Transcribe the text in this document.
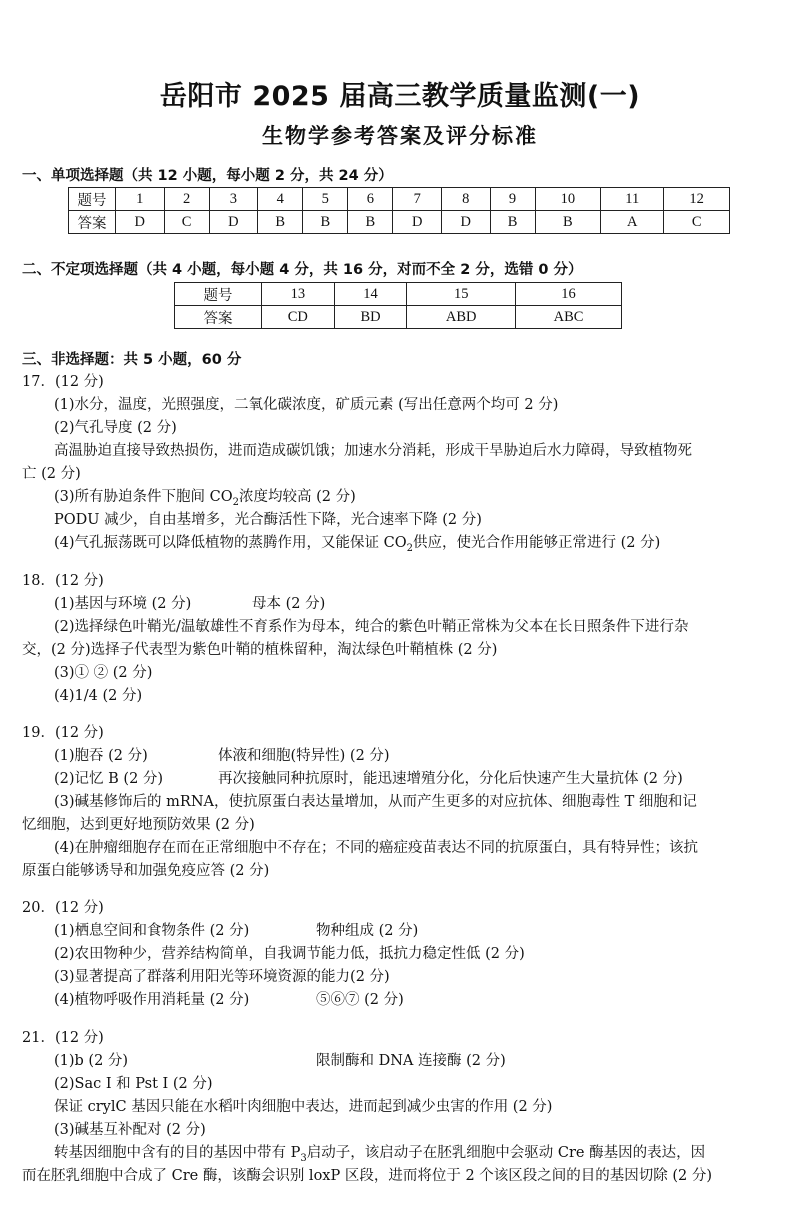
岳阳市 2025 届高三教学质量监测(一)
生物学参考答案及评分标准
一、单项选择题（共 12 小题，每小题 2 分，共 24 分）
题号	1	2	3	4	5	6	7	8	9	10	11	12
答案	D	C	D	B	B	B	D	D	B	B	A	C
二、不定项选择题（共 4 小题，每小题 4 分，共 16 分，对而不全 2 分，选错 0 分）
题号	13	14	15	16
答案	CD	BD	ABD	ABC
三、非选择题：共 5 小题，60 分
17．(12 分)
(1)水分，温度，光照强度，二氧化碳浓度，矿质元素 (写出任意两个均可 2 分)
(2)气孔导度 (2 分)
高温胁迫直接导致热损伤，进而造成碳饥饿；加速水分消耗，形成干旱胁迫后水力障碍，导致植物死
亡 (2 分)
(3)所有胁迫条件下胞间 $CO_2$浓度均较高 (2 分)
PODU 减少，自由基增多，光合酶活性下降，光合速率下降 (2 分)
(4)气孔振荡既可以降低植物的蒸腾作用，又能保证 $CO_2$供应，使光合作用能够正常进行 (2 分)
18．(12 分)
(1)基因与环境 (2 分)	母本 (2 分)
(2)选择绿色叶鞘光/温敏雄性不育系作为母本，纯合的紫色叶鞘正常株为父本在长日照条件下进行杂
交，(2 分)选择子代表型为紫色叶鞘的植株留种，淘汰绿色叶鞘植株 (2 分)
(3)① ② (2 分)
(4)1/4 (2 分)
19．(12 分)
(1)胞吞 (2 分)	体液和细胞(特异性) (2 分)
(2)记忆 B (2 分)	再次接触同种抗原时，能迅速增殖分化，分化后快速产生大量抗体 (2 分)
(3)碱基修饰后的 mRNA，使抗原蛋白表达量增加，从而产生更多的对应抗体、细胞毒性 T 细胞和记
忆细胞，达到更好地预防效果 (2 分)
(4)在肿瘤细胞存在而在正常细胞中不存在；不同的癌症疫苗表达不同的抗原蛋白，具有特异性；该抗
原蛋白能够诱导和加强免疫应答 (2 分)
20．(12 分)
(1)栖息空间和食物条件 (2 分)	物种组成 (2 分)
(2)农田物种少，营养结构简单，自我调节能力低，抵抗力稳定性低 (2 分)
(3)显著提高了群落利用阳光等环境资源的能力(2 分)
(4)植物呼吸作用消耗量 (2 分)	⑤⑥⑦ (2 分)
21．(12 分)
(1)b (2 分)	限制酶和 DNA 连接酶 (2 分)
(2)Sac I 和 Pst I (2 分)
保证 crylC 基因只能在水稻叶肉细胞中表达，进而起到减少虫害的作用 (2 分)
(3)碱基互补配对 (2 分)
转基因细胞中含有的目的基因中带有 $P_3$启动子，该启动子在胚乳细胞中会驱动 Cre 酶基因的表达，因
而在胚乳细胞中合成了 Cre 酶，该酶会识别 loxP 区段，进而将位于 2 个该区段之间的目的基因切除 (2 分)
